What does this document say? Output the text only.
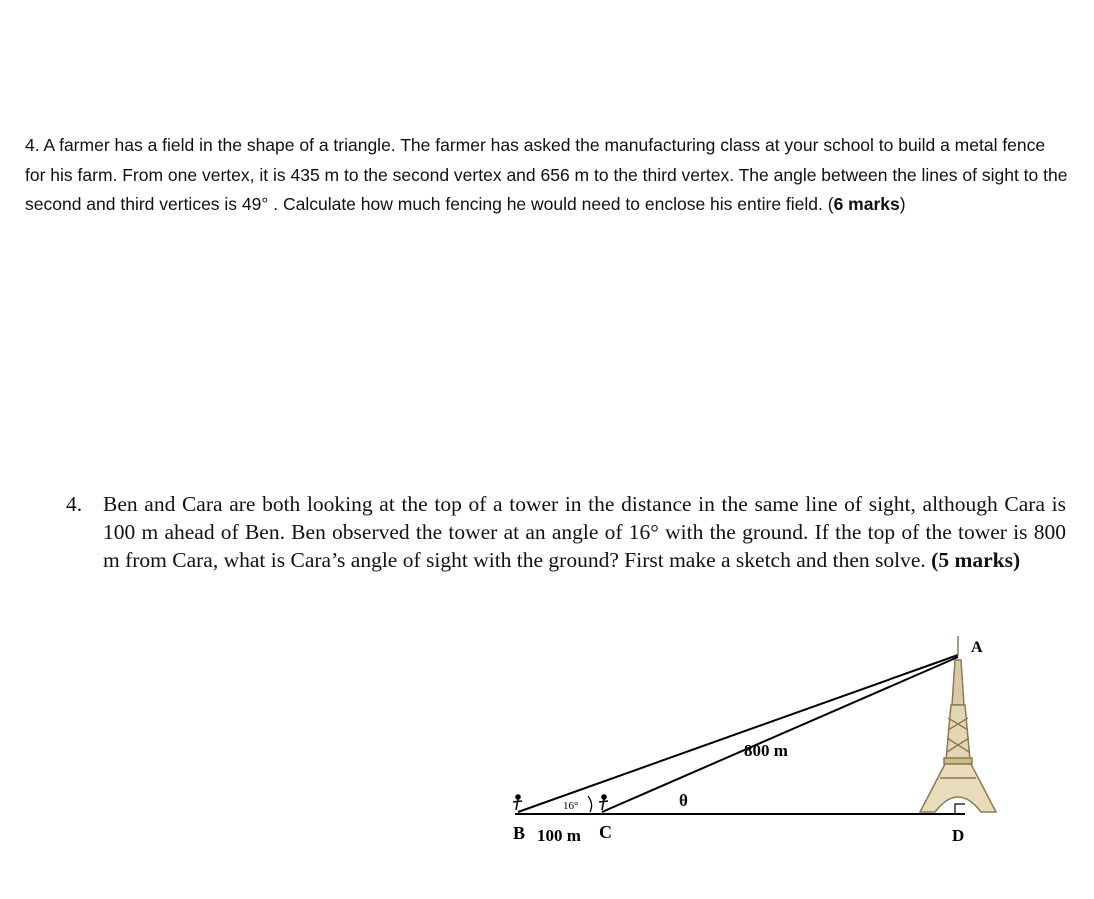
4. A farmer has a field in the shape of a triangle. The farmer has asked the manufacturing class at your school to build a metal fence for his farm. From one vertex, it is 435 m to the second vertex and 656 m to the third vertex. The angle between the lines of sight to the second and third vertices is 49° . Calculate how much fencing he would need to enclose his entire field. (6 marks)
4. Ben and Cara are both looking at the top of a tower in the distance in the same line of sight, although Cara is 100 m ahead of Ben. Ben observed the tower at an angle of 16° with the ground. If the top of the tower is 800 m from Cara, what is Cara’s angle of sight with the ground? First make a sketch and then solve. (5 marks)
16°	θ
800 m
A
B 100 m C	D
